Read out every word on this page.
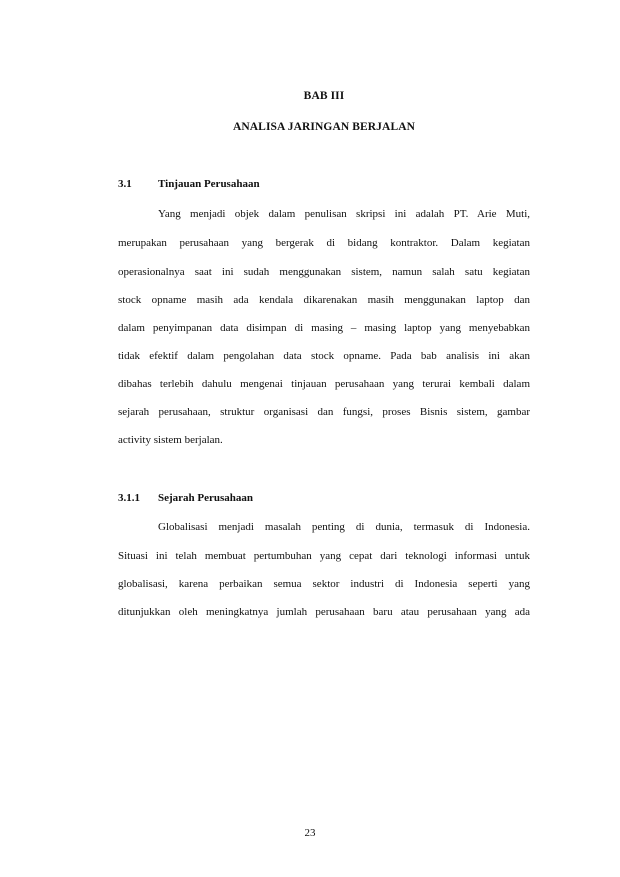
BAB III
ANALISA JARINGAN BERJALAN
3.1 Tinjauan Perusahaan
Yang menjadi objek dalam penulisan skripsi ini adalah PT. Arie Muti,
merupakan perusahaan yang bergerak di bidang kontraktor. Dalam kegiatan
operasionalnya saat ini sudah menggunakan sistem, namun salah satu kegiatan
stock opname masih ada kendala dikarenakan masih menggunakan laptop dan
dalam penyimpanan data disimpan di masing – masing laptop yang menyebabkan
tidak efektif dalam pengolahan data stock opname. Pada bab analisis ini akan
dibahas terlebih dahulu mengenai tinjauan perusahaan yang terurai kembali dalam
sejarah perusahaan, struktur organisasi dan fungsi, proses Bisnis sistem, gambar
activity sistem berjalan.
3.1.1 Sejarah Perusahaan
Globalisasi menjadi masalah penting di dunia, termasuk di Indonesia.
Situasi ini telah membuat pertumbuhan yang cepat dari teknologi informasi untuk
globalisasi, karena perbaikan semua sektor industri di Indonesia seperti yang
ditunjukkan oleh meningkatnya jumlah perusahaan baru atau perusahaan yang ada
23
